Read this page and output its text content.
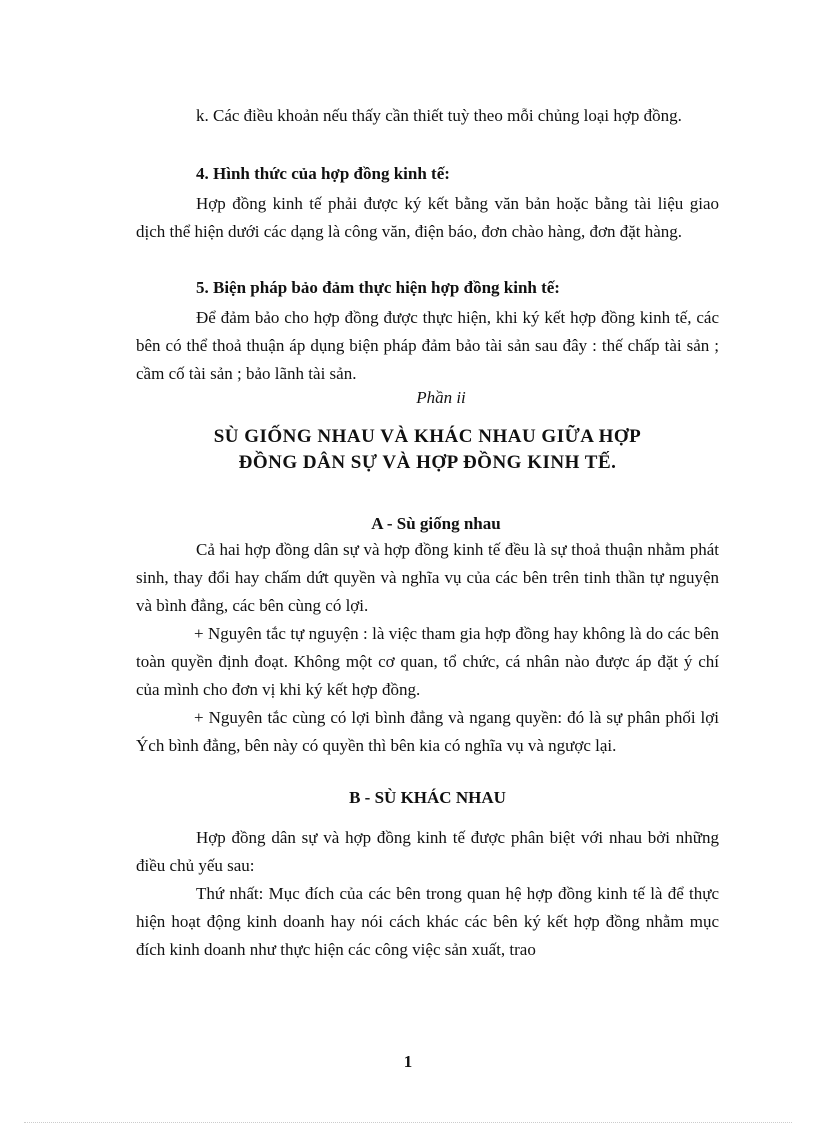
k. Các điều khoản nếu thấy cần thiết tuỳ theo mỗi chủng loại hợp đồng.

4. Hình thức của hợp đồng kinh tế:

Hợp đồng kinh tế phải được ký kết bằng văn bản hoặc bằng tài liệu giao dịch thể hiện dưới các dạng là công văn, điện báo, đơn chào hàng, đơn đặt hàng.

5. Biện pháp bảo đảm thực hiện hợp đồng kinh tế:

Để đảm bảo cho hợp đồng được thực hiện, khi ký kết hợp đồng kinh tế, các bên có thể thoả thuận áp dụng biện pháp đảm bảo tài sản sau đây : thế chấp tài sản ; cầm cố tài sản ; bảo lãnh tài sản.

Phần ii

SÙ GIỐNG NHAU VÀ KHÁC NHAU GIỮA HỢP

ĐỒNG DÂN SỰ VÀ HỢP ĐỒNG KINH TẾ.

A - Sù giống nhau

Cả hai hợp đồng dân sự và hợp đồng kinh tế đều là sự thoả thuận nhằm phát sinh, thay đổi hay chấm dứt quyền và nghĩa vụ của các bên trên tinh thần tự nguyện và bình đẳng, các bên cùng có lợi.

+ Nguyên tắc tự nguyện : là việc tham gia hợp đồng hay không là do các bên toàn quyền định đoạt. Không một cơ quan, tổ chức, cá nhân nào được áp đặt ý chí của mình cho đơn vị khi ký kết hợp đồng.

+ Nguyên tắc cùng có lợi bình đẳng và ngang quyền: đó là sự phân phối lợi Ých bình đẳng, bên này có quyền thì bên kia có nghĩa vụ và ngược lại.

B - SÙ KHÁC NHAU

Hợp đồng dân sự và hợp đồng kinh tế được phân biệt với nhau bởi những điều chủ yếu sau:

Thứ nhất: Mục đích của các bên trong quan hệ hợp đồng kinh tế là để thực hiện hoạt động kinh doanh hay nói cách khác các bên ký kết hợp đồng nhằm mục đích kinh doanh như thực hiện các công việc sản xuất, trao

1
